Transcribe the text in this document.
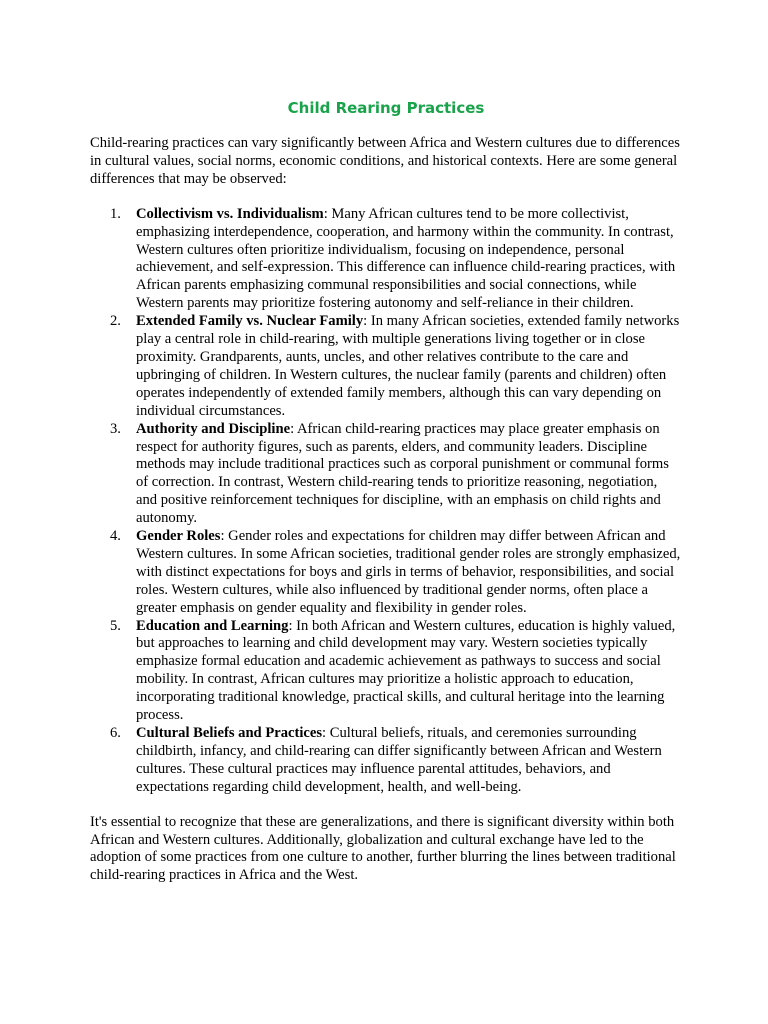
Child Rearing Practices

Child-rearing practices can vary significantly between Africa and Western cultures due to differences in cultural values, social norms, economic conditions, and historical contexts. Here are some general differences that may be observed:

1. Collectivism vs. Individualism: Many African cultures tend to be more collectivist, emphasizing interdependence, cooperation, and harmony within the community. In contrast, Western cultures often prioritize individualism, focusing on independence, personal achievement, and self-expression. This difference can influence child-rearing practices, with African parents emphasizing communal responsibilities and social connections, while Western parents may prioritize fostering autonomy and self-reliance in their children.
2. Extended Family vs. Nuclear Family: In many African societies, extended family networks play a central role in child-rearing, with multiple generations living together or in close proximity. Grandparents, aunts, uncles, and other relatives contribute to the care and upbringing of children. In Western cultures, the nuclear family (parents and children) often operates independently of extended family members, although this can vary depending on individual circumstances.
3. Authority and Discipline: African child-rearing practices may place greater emphasis on respect for authority figures, such as parents, elders, and community leaders. Discipline methods may include traditional practices such as corporal punishment or communal forms of correction. In contrast, Western child-rearing tends to prioritize reasoning, negotiation, and positive reinforcement techniques for discipline, with an emphasis on child rights and autonomy.
4. Gender Roles: Gender roles and expectations for children may differ between African and Western cultures. In some African societies, traditional gender roles are strongly emphasized, with distinct expectations for boys and girls in terms of behavior, responsibilities, and social roles. Western cultures, while also influenced by traditional gender norms, often place a greater emphasis on gender equality and flexibility in gender roles.
5. Education and Learning: In both African and Western cultures, education is highly valued, but approaches to learning and child development may vary. Western societies typically emphasize formal education and academic achievement as pathways to success and social mobility. In contrast, African cultures may prioritize a holistic approach to education, incorporating traditional knowledge, practical skills, and cultural heritage into the learning process.
6. Cultural Beliefs and Practices: Cultural beliefs, rituals, and ceremonies surrounding childbirth, infancy, and child-rearing can differ significantly between African and Western cultures. These cultural practices may influence parental attitudes, behaviors, and expectations regarding child development, health, and well-being.

It's essential to recognize that these are generalizations, and there is significant diversity within both African and Western cultures. Additionally, globalization and cultural exchange have led to the adoption of some practices from one culture to another, further blurring the lines between traditional child-rearing practices in Africa and the West.
